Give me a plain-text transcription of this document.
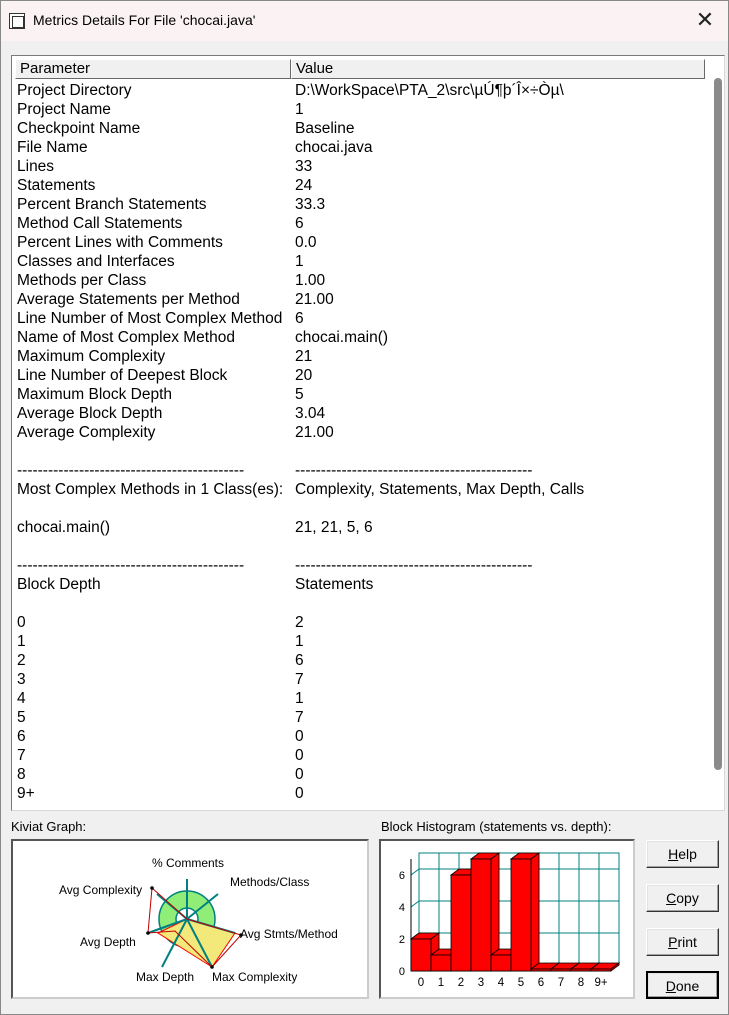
Metrics Details For File 'chocai.java'	✕
Parameter	Value
Project Directory	D:\WorkSpace\PTA_2\src\µÚ¶þ´Î×÷Òµ\
Project Name	1
Checkpoint Name	Baseline
File Name	chocai.java
Lines	33
Statements	24
Percent Branch Statements	33.3
Method Call Statements	6
Percent Lines with Comments	0.0
Classes and Interfaces	1
Methods per Class	1.00
Average Statements per Method	21.00
Line Number of Most Complex Method 6
Name of Most Complex Method	chocai.main()
Maximum Complexity	21
Line Number of Deepest Block	20
Maximum Block Depth	5
Average Block Depth	3.04
Average Complexity	21.00
--------------------------------------------	----------------------------------------------
Most Complex Methods in 1 Class(es): Complexity, Statements, Max Depth, Calls
chocai.main()	21, 21, 5, 6
--------------------------------------------	----------------------------------------------
Block Depth	Statements
0	2
1	1
2	6
3	7
4	1
5	7
6	0
7	0
8	0
9+	0
Kiviat Graph:	Block Histogram (statements vs. depth):
% Comments
Methods/Class
Avg Stmts/Method
Max Complexity
Max Depth
Avg Depth
Avg Complexity
0
2
4
6
0 1 2 3 4 5 6 7 8 9+
Help
Copy
Print
Done
